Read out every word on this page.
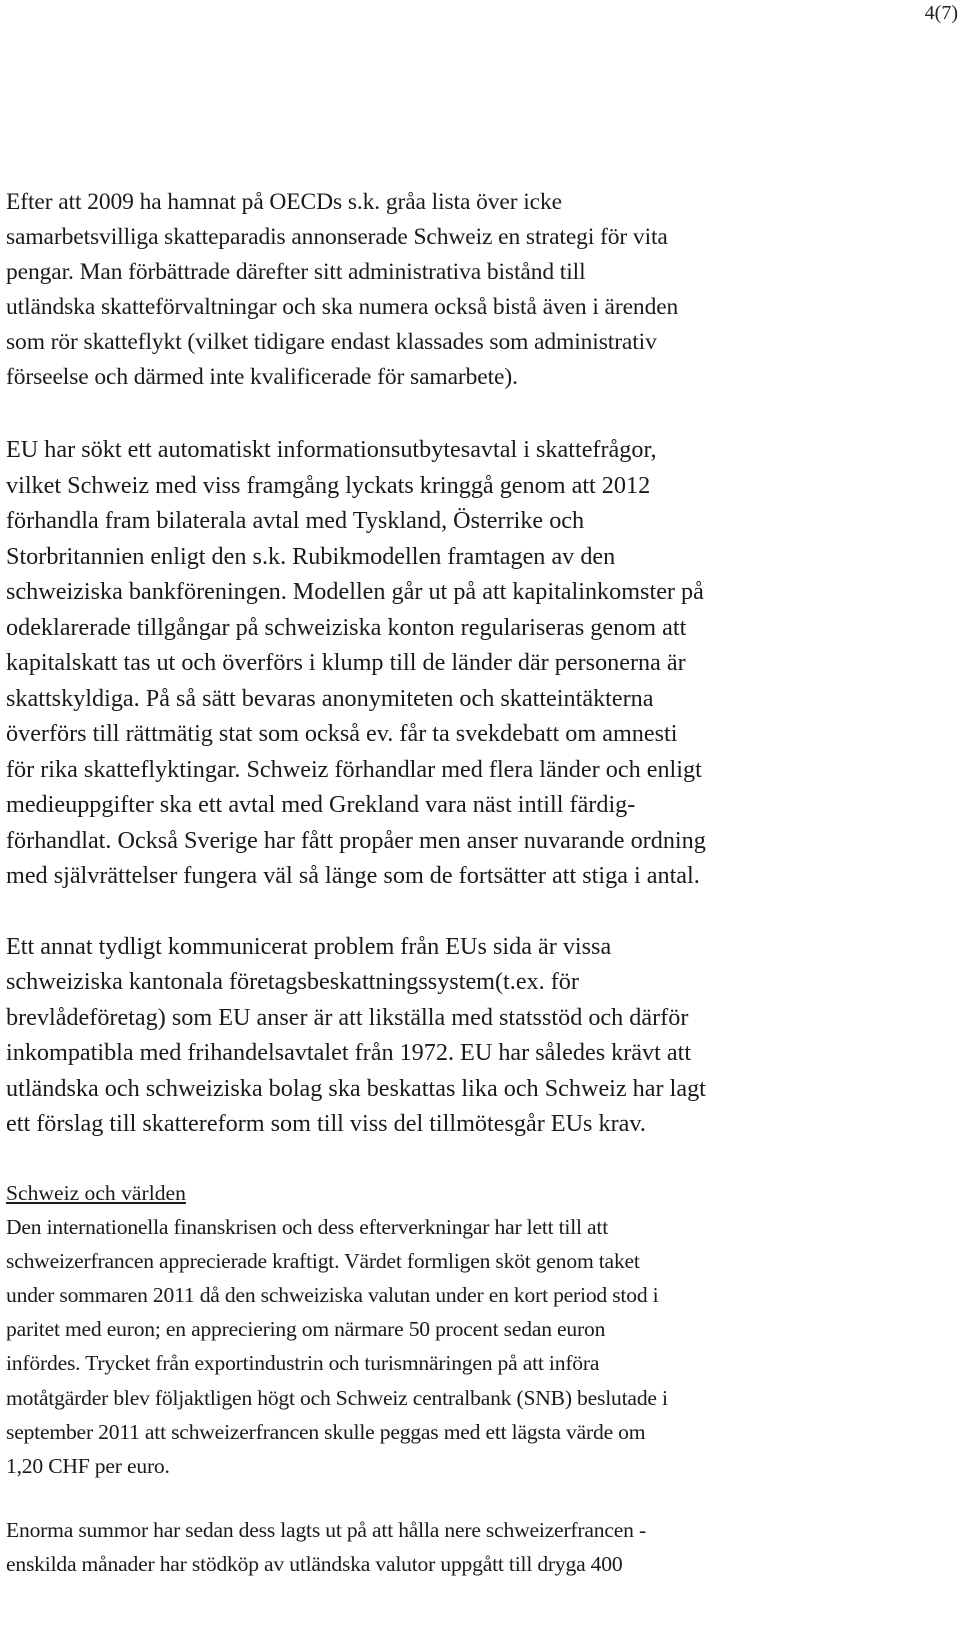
4(7)

Efter att 2009 ha hamnat på OECDs s.k. gråa lista över icke
samarbetsvilliga skatteparadis annonserade Schweiz en strategi för vita
pengar. Man förbättrade därefter sitt administrativa bistånd till
utländska skatteförvaltningar och ska numera också bistå även i ärenden
som rör skatteflykt (vilket tidigare endast klassades som administrativ
förseelse och därmed inte kvalificerade för samarbete).

EU har sökt ett automatiskt informationsutbytesavtal i skattefrågor,
vilket Schweiz med viss framgång lyckats kringgå genom att 2012
förhandla fram bilaterala avtal med Tyskland, Österrike och
Storbritannien enligt den s.k. Rubikmodellen framtagen av den
schweiziska bankföreningen. Modellen går ut på att kapitalinkomster på
odeklarerade tillgångar på schweiziska konton regulariseras genom att
kapitalskatt tas ut och överförs i klump till de länder där personerna är
skattskyldiga. På så sätt bevaras anonymiteten och skatteintäkterna
överförs till rättmätig stat som också ev. får ta svekdebatt om amnesti
för rika skatteflyktingar. Schweiz förhandlar med flera länder och enligt
medieuppgifter ska ett avtal med Grekland vara näst intill färdig-
förhandlat. Också Sverige har fått propåer men anser nuvarande ordning
med självrättelser fungera väl så länge som de fortsätter att stiga i antal.

Ett annat tydligt kommunicerat problem från EUs sida är vissa
schweiziska kantonala företagsbeskattningssystem(t.ex. för
brevlådeföretag) som EU anser är att likställa med statsstöd och därför
inkompatibla med frihandelsavtalet från 1972. EU har således krävt att
utländska och schweiziska bolag ska beskattas lika och Schweiz har lagt
ett förslag till skattereform som till viss del tillmötesgår EUs krav.

Schweiz och världen

Den internationella finanskrisen och dess efterverkningar har lett till att
schweizerfrancen apprecierade kraftigt. Värdet formligen sköt genom taket
under sommaren 2011 då den schweiziska valutan under en kort period stod i
paritet med euron; en appreciering om närmare 50 procent sedan euron
infördes. Trycket från exportindustrin och turismnäringen på att införa
motåtgärder blev följaktligen högt och Schweiz centralbank (SNB) beslutade i
september 2011 att schweizerfrancen skulle peggas med ett lägsta värde om
1,20 CHF per euro.

Enorma summor har sedan dess lagts ut på att hålla nere schweizerfrancen -
enskilda månader har stödköp av utländska valutor uppgått till dryga 400
